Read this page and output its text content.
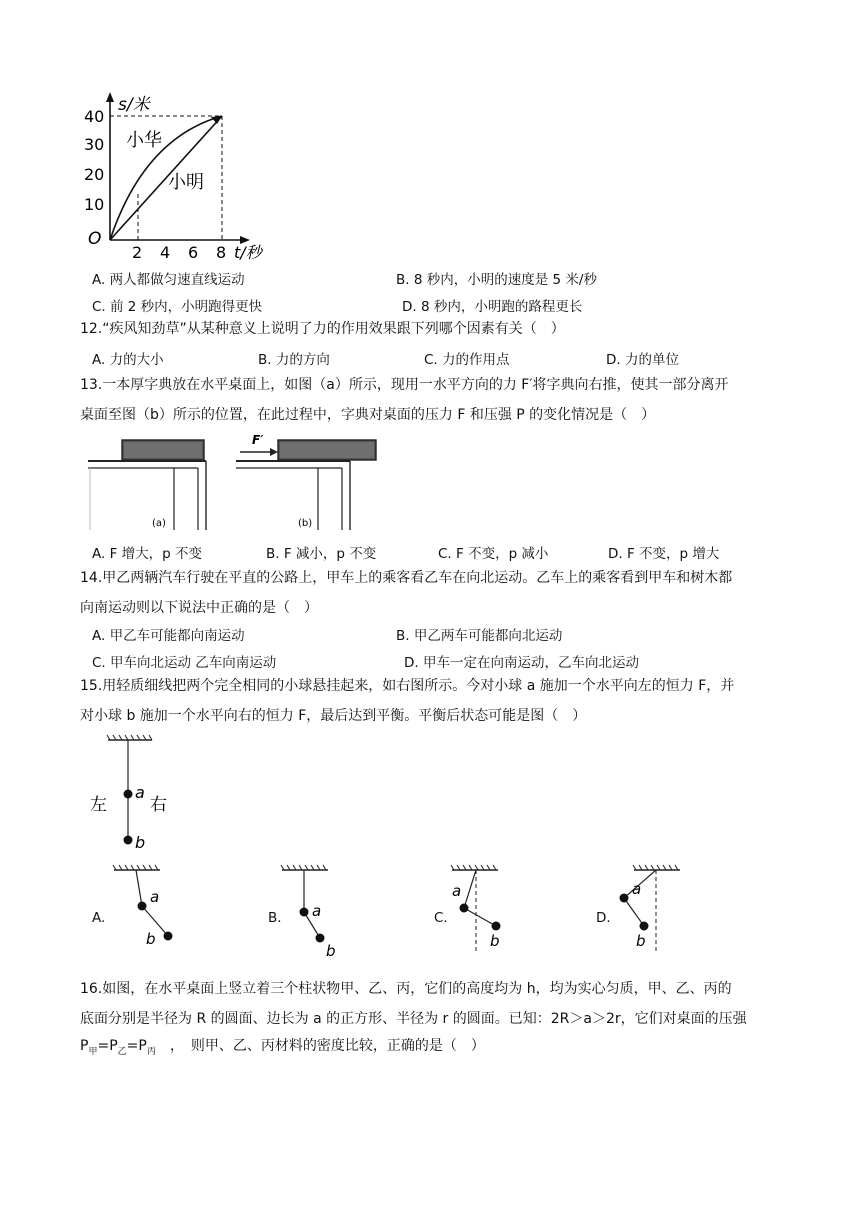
s/米
40
30
20
10
O
2 4 6 8 t/秒
小华
小明
A. 两人都做匀速直线运动	B. 8 秒内，小明的速度是 5 米/秒
C. 前 2 秒内，小明跑得更快	D. 8 秒内，小明跑的路程更长
12.“疾风知劲草”从某种意义上说明了力的作用效果跟下列哪个因素有关（　）
A. 力的大小	B. 力的方向	C. 力的作用点	D. 力的单位
13.一本厚字典放在水平桌面上，如图（a）所示，现用一水平方向的力 F′将字典向右推，使其一部分离开
桌面至图（b）所示的位置，在此过程中，字典对桌面的压力 F 和压强 P 的变化情况是（　）
(a)
F′
(b)
A. F 增大，p 不变	B. F 减小，p 不变	C. F 不变，p 减小	D. F 不变，p 增大
14.甲乙两辆汽车行驶在平直的公路上，甲车上的乘客看乙车在向北运动。乙车上的乘客看到甲车和树木都
向南运动则以下说法中正确的是（　）
A. 甲乙车可能都向南运动	B. 甲乙两车可能都向北运动
C. 甲车向北运动 乙车向南运动	D. 甲车一定在向南运动，乙车向北运动
15.用轻质细线把两个完全相同的小球悬挂起来，如右图所示。今对小球 a 施加一个水平向左的恒力 F，并
对小球 b 施加一个水平向右的恒力 F，最后达到平衡。平衡后状态可能是图（　）
a
b
左	右
A.
a
b
B. a
b
C.
a
b
D.
a
b
16.如图，在水平桌面上竖立着三个柱状物甲、乙、丙，它们的高度均为 h，均为实心匀质，甲、乙、丙的
底面分别是半径为 R 的圆面、边长为 a 的正方形、半径为 r 的圆面。已知：2R＞a＞2r，它们对桌面的压强
$P_甲=P_乙=P_丙$ ，　则甲、乙、丙材料的密度比较，正确的是（　）
